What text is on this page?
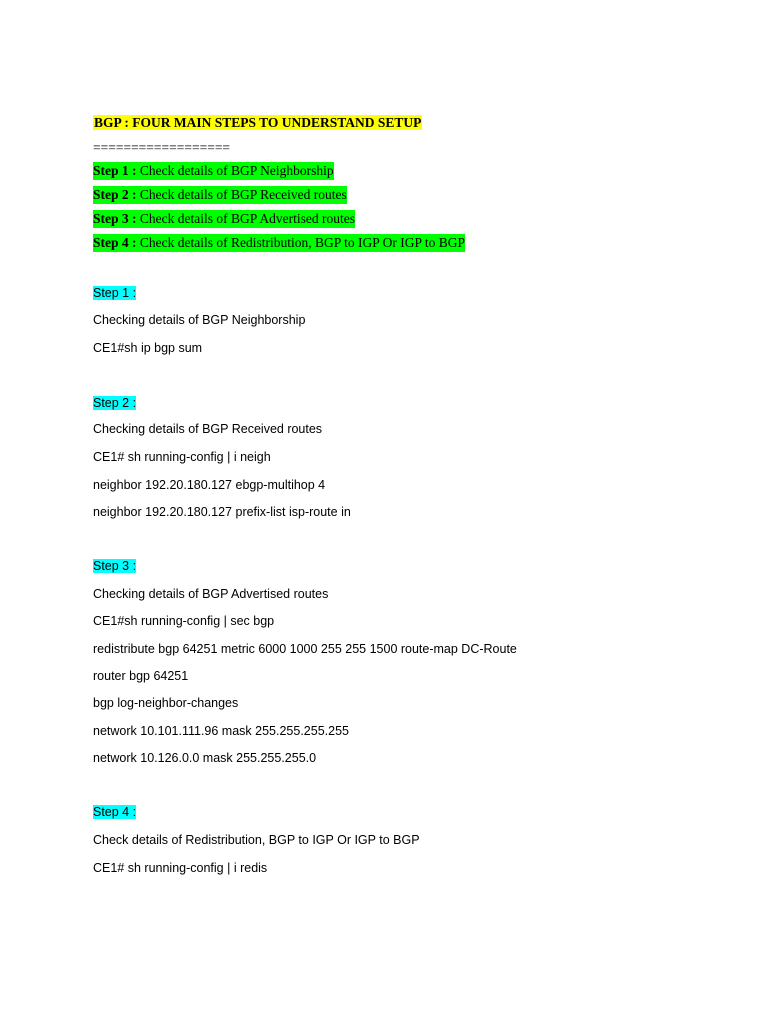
BGP : FOUR MAIN STEPS TO UNDERSTAND SETUP
==================
Step 1 : Check details of BGP Neighborship
Step 2 : Check details of BGP Received routes
Step 3 : Check details of BGP Advertised routes
Step 4 : Check details of Redistribution, BGP to IGP Or IGP to BGP
Step 1 :
Checking details of BGP Neighborship
CE1#sh ip bgp sum
Step 2 :
Checking details of BGP Received routes
CE1# sh running-config | i neigh
neighbor 192.20.180.127 ebgp-multihop 4
neighbor 192.20.180.127 prefix-list isp-route in
Step 3 :
Checking details of BGP Advertised routes
CE1#sh running-config | sec bgp
redistribute bgp 64251 metric 6000 1000 255 255 1500 route-map DC-Route
router bgp 64251
bgp log-neighbor-changes
network 10.101.111.96 mask 255.255.255.255
network 10.126.0.0 mask 255.255.255.0
Step 4 :
Check details of Redistribution, BGP to IGP Or IGP to BGP
CE1# sh running-config | i redis
